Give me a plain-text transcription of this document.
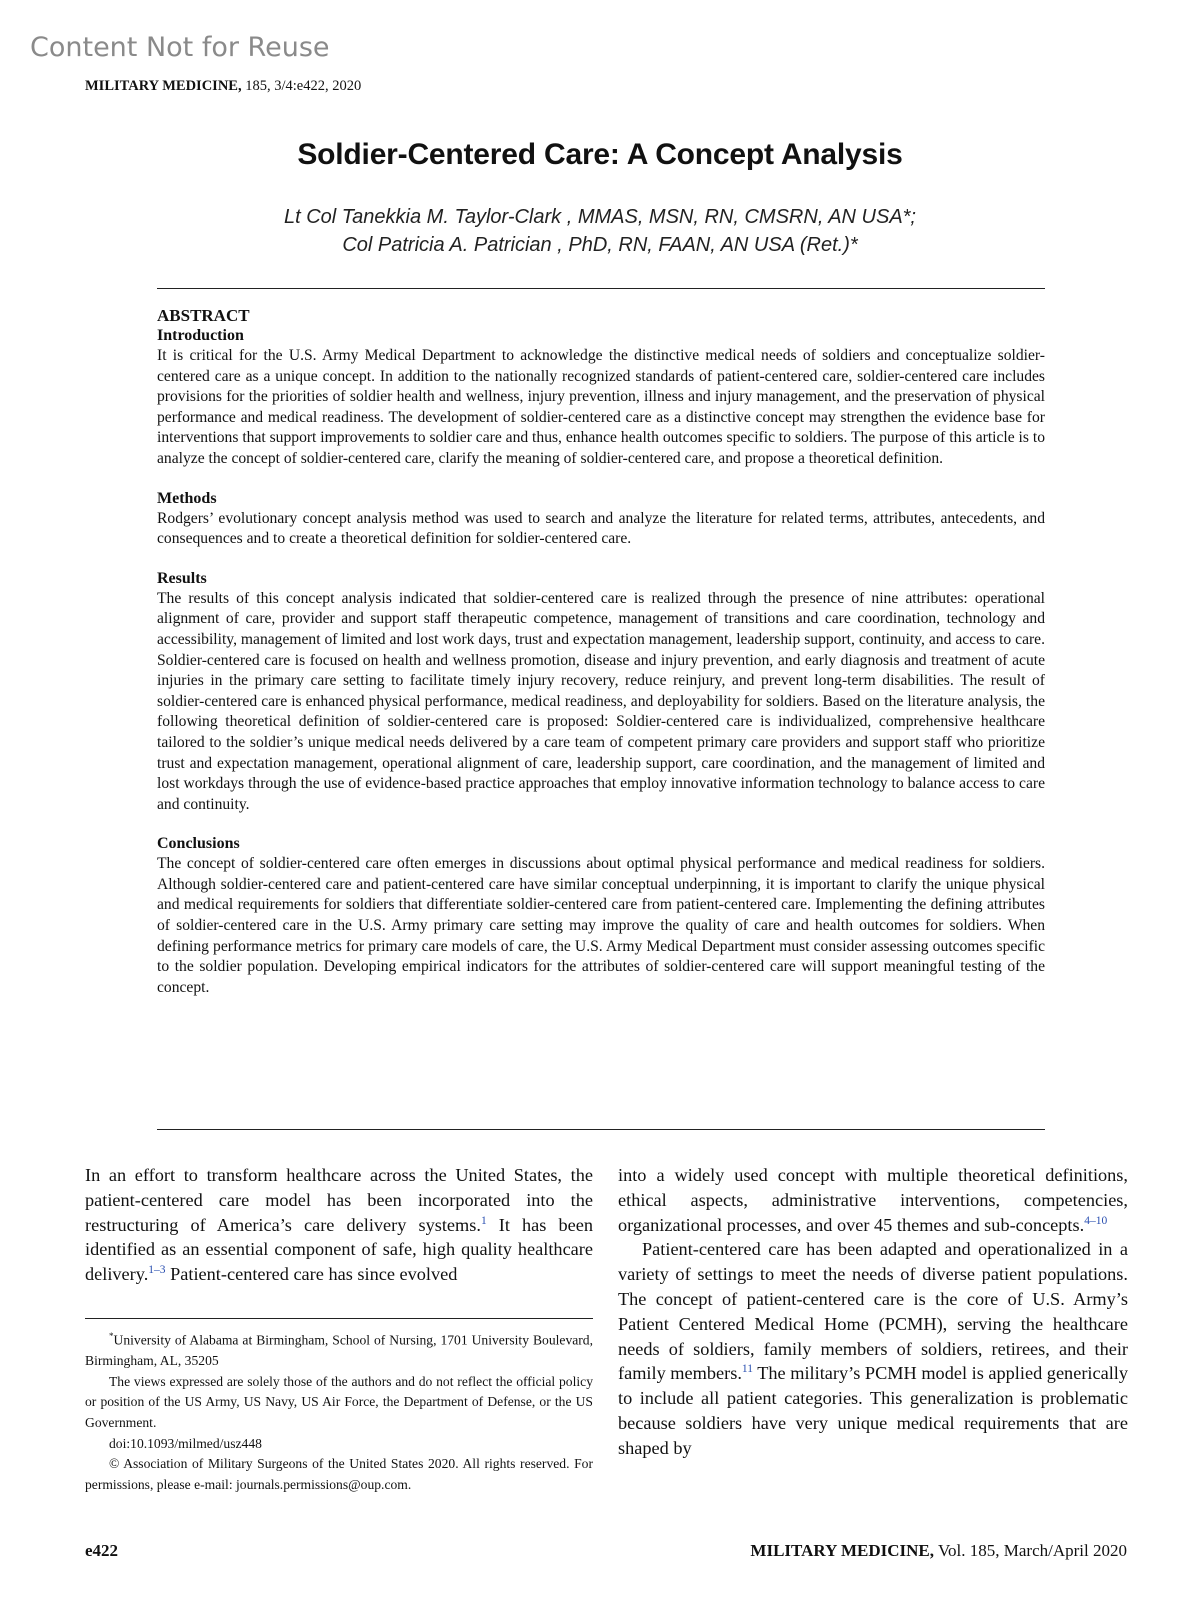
Content Not for Reuse
MILITARY MEDICINE, 185, 3/4:e422, 2020
Soldier-Centered Care: A Concept Analysis
Lt Col Tanekkia M. Taylor-Clark , MMAS, MSN, RN, CMSRN, AN USA*;
Col Patricia A. Patrician , PhD, RN, FAAN, AN USA (Ret.)*
ABSTRACT
Introduction

It is critical for the U.S. Army Medical Department to acknowledge the distinctive medical needs of soldiers and conceptualize soldier-centered care as a unique concept. In addition to the nationally recognized standards of patient-centered care, soldier-centered care includes provisions for the priorities of soldier health and wellness, injury prevention, illness and injury management, and the preservation of physical performance and medical readiness. The development of soldier-centered care as a distinctive concept may strengthen the evidence base for interventions that support improvements to soldier care and thus, enhance health outcomes specific to soldiers. The purpose of this article is to analyze the concept of soldier-centered care, clarify the meaning of soldier-centered care, and propose a theoretical definition.

Methods

Rodgers’ evolutionary concept analysis method was used to search and analyze the literature for related terms, attributes, antecedents, and consequences and to create a theoretical definition for soldier-centered care.

Results

The results of this concept analysis indicated that soldier-centered care is realized through the presence of nine attributes: operational alignment of care, provider and support staff therapeutic competence, management of transitions and care coordination, technology and accessibility, management of limited and lost work days, trust and expectation management, leadership support, continuity, and access to care. Soldier-centered care is focused on health and wellness promotion, disease and injury prevention, and early diagnosis and treatment of acute injuries in the primary care setting to facilitate timely injury recovery, reduce reinjury, and prevent long-term disabilities. The result of soldier-centered care is enhanced physical performance, medical readiness, and deployability for soldiers. Based on the literature analysis, the following theoretical definition of soldier-centered care is proposed: Soldier-centered care is individualized, comprehensive healthcare tailored to the soldier’s unique medical needs delivered by a care team of competent primary care providers and support staff who prioritize trust and expectation management, operational alignment of care, leadership support, care coordination, and the management of limited and lost workdays through the use of evidence-based practice approaches that employ innovative information technology to balance access to care and continuity.

Conclusions

The concept of soldier-centered care often emerges in discussions about optimal physical performance and medical readiness for soldiers. Although soldier-centered care and patient-centered care have similar conceptual underpinning, it is important to clarify the unique physical and medical requirements for soldiers that differentiate soldier-centered care from patient-centered care. Implementing the defining attributes of soldier-centered care in the U.S. Army primary care setting may improve the quality of care and health outcomes for soldiers. When defining performance metrics for primary care models of care, the U.S. Army Medical Department must consider assessing outcomes specific to the soldier population. Developing empirical indicators for the attributes of soldier-centered care will support meaningful testing of the concept.

In an effort to transform healthcare across the United States, the patient-centered care model has been incorporated into the restructuring of America’s care delivery systems.$^1$ It has been identified as an essential component of safe, high quality healthcare delivery.$^{1-3}$ Patient-centered care has since evolved

into a widely used concept with multiple theoretical definitions, ethical aspects, administrative interventions, competencies, organizational processes, and over 45 themes and sub-concepts.$^{4-10}$

Patient-centered care has been adapted and operationalized in a variety of settings to meet the needs of diverse patient populations. The concept of patient-centered care is the core of U.S. Army’s Patient Centered Medical Home (PCMH), serving the healthcare needs of soldiers, family members of soldiers, retirees, and their family members.$^{11}$ The military’s PCMH model is applied generically to include all patient categories. This generalization is problematic because soldiers have very unique medical requirements that are shaped by

*University of Alabama at Birmingham, School of Nursing, 1701 University Boulevard, Birmingham, AL, 35205

The views expressed are solely those of the authors and do not reflect the official policy or position of the US Army, US Navy, US Air Force, the Department of Defense, or the US Government.

doi:10.1093/milmed/usz448

© Association of Military Surgeons of the United States 2020. All rights reserved. For permissions, please e-mail: journals.permissions@oup.com.

e422	MILITARY MEDICINE, Vol. 185, March/April 2020
